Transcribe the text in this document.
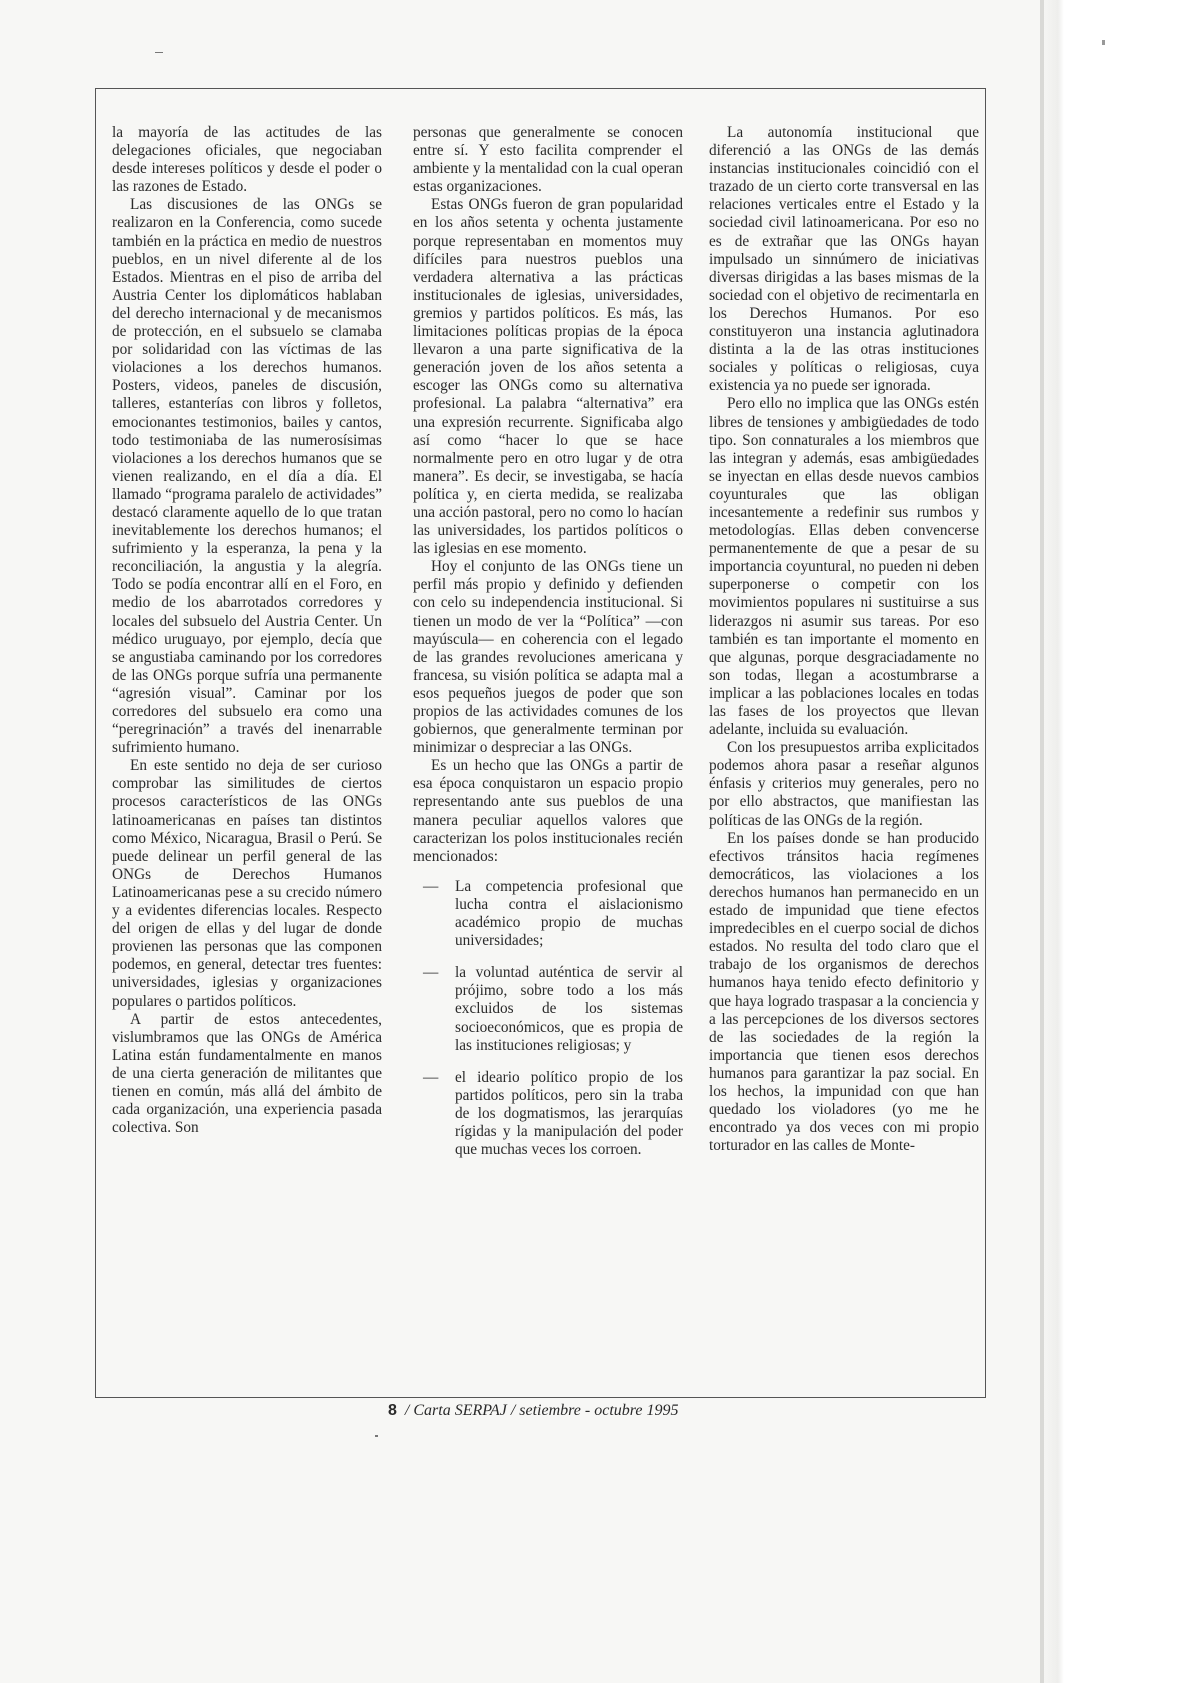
la mayoría de las actitudes de las delegaciones oficiales, que negociaban desde intereses políticos y desde el poder o las razones de Estado.

Las discusiones de las ONGs se realizaron en la Conferencia, como sucede también en la práctica en medio de nuestros pueblos, en un nivel diferente al de los Estados. Mientras en el piso de arriba del Austria Center los diplomáticos hablaban del derecho internacional y de mecanismos de protección, en el subsuelo se clamaba por solidaridad con las víctimas de las violaciones a los derechos humanos. Posters, videos, paneles de discusión, talleres, estanterías con libros y folletos, emocionantes testimonios, bailes y cantos, todo testimoniaba de las numerosísimas violaciones a los derechos humanos que se vienen realizando, en el día a día. El llamado “programa paralelo de actividades” destacó claramente aquello de lo que tratan inevitablemente los derechos humanos; el sufrimiento y la esperanza, la pena y la reconciliación, la angustia y la alegría. Todo se podía encontrar allí en el Foro, en medio de los abarrotados corredores y locales del subsuelo del Austria Center. Un médico uruguayo, por ejemplo, decía que se angustiaba caminando por los corredores de las ONGs porque sufría una permanente “agresión visual”. Caminar por los corredores del subsuelo era como una “peregrinación” a través del inenarrable sufrimiento humano.

En este sentido no deja de ser curioso comprobar las similitudes de ciertos procesos característicos de las ONGs latinoamericanas en países tan distintos como México, Nicaragua, Brasil o Perú. Se puede delinear un perfil general de las ONGs de Derechos Humanos Latinoamericanas pese a su crecido número y a evidentes diferencias locales. Respecto del origen de ellas y del lugar de donde provienen las personas que las componen podemos, en general, detectar tres fuentes: universidades, iglesias y organizaciones populares o partidos políticos.

A partir de estos antecedentes, vislumbramos que las ONGs de América Latina están fundamentalmente en manos de una cierta generación de militantes que tienen en común, más allá del ámbito de cada organización, una experiencia pasada colectiva. Son

personas que generalmente se conocen entre sí. Y esto facilita comprender el ambiente y la mentalidad con la cual operan estas organizaciones.

Estas ONGs fueron de gran popularidad en los años setenta y ochenta justamente porque representaban en momentos muy difíciles para nuestros pueblos una verdadera alternativa a las prácticas institucionales de iglesias, universidades, gremios y partidos políticos. Es más, las limitaciones políticas propias de la época llevaron a una parte significativa de la generación joven de los años setenta a escoger las ONGs como su alternativa profesional. La palabra “alternativa” era una expresión recurrente. Significaba algo así como “hacer lo que se hace normalmente pero en otro lugar y de otra manera”. Es decir, se investigaba, se hacía política y, en cierta medida, se realizaba una acción pastoral, pero no como lo hacían las universidades, los partidos políticos o las iglesias en ese momento.

Hoy el conjunto de las ONGs tiene un perfil más propio y definido y defienden con celo su independencia institucional. Si tienen un modo de ver la “Política” —con mayúscula— en coherencia con el legado de las grandes revoluciones americana y francesa, su visión política se adapta mal a esos pequeños juegos de poder que son propios de las actividades comunes de los gobiernos, que generalmente terminan por minimizar o despreciar a las ONGs.

Es un hecho que las ONGs a partir de esa época conquistaron un espacio propio representando ante sus pueblos de una manera peculiar aquellos valores que caracterizan los polos institucionales recién mencionados:

— La competencia profesional que lucha contra el aislacionismo académico propio de muchas universidades;
— la voluntad auténtica de servir al prójimo, sobre todo a los más excluidos de los sistemas socioeconómicos, que es propia de las instituciones religiosas; y
— el ideario político propio de los partidos políticos, pero sin la traba de los dogmatismos, las jerarquías rígidas y la manipulación del poder que muchas veces los corroen.

La autonomía institucional que diferenció a las ONGs de las demás instancias institucionales coincidió con el trazado de un cierto corte transversal en las relaciones verticales entre el Estado y la sociedad civil latinoamericana. Por eso no es de extrañar que las ONGs hayan impulsado un sinnúmero de iniciativas diversas dirigidas a las bases mismas de la sociedad con el objetivo de recimentarla en los Derechos Humanos. Por eso constituyeron una instancia aglutinadora distinta a la de las otras instituciones sociales y políticas o religiosas, cuya existencia ya no puede ser ignorada.

Pero ello no implica que las ONGs estén libres de tensiones y ambigüedades de todo tipo. Son connaturales a los miembros que las integran y además, esas ambigüedades se inyectan en ellas desde nuevos cambios coyunturales que las obligan incesantemente a redefinir sus rumbos y metodologías. Ellas deben convencerse permanentemente de que a pesar de su importancia coyuntural, no pueden ni deben superponerse o competir con los movimientos populares ni sustituirse a sus liderazgos ni asumir sus tareas. Por eso también es tan importante el momento en que algunas, porque desgraciadamente no son todas, llegan a acostumbrarse a implicar a las poblaciones locales en todas las fases de los proyectos que llevan adelante, incluida su evaluación.

Con los presupuestos arriba explicitados podemos ahora pasar a reseñar algunos énfasis y criterios muy generales, pero no por ello abstractos, que manifiestan las políticas de las ONGs de la región.

En los países donde se han producido efectivos tránsitos hacia regímenes democráticos, las violaciones a los derechos humanos han permanecido en un estado de impunidad que tiene efectos impredecibles en el cuerpo social de dichos estados. No resulta del todo claro que el trabajo de los organismos de derechos humanos haya tenido efecto definitorio y que haya logrado traspasar a la conciencia y a las percepciones de los diversos sectores de las sociedades de la región la importancia que tienen esos derechos humanos para garantizar la paz social. En los hechos, la impunidad con que han quedado los violadores (yo me he encontrado ya dos veces con mi propio torturador en las calles de Monte-

8 / Carta SERPAJ / setiembre - octubre 1995
